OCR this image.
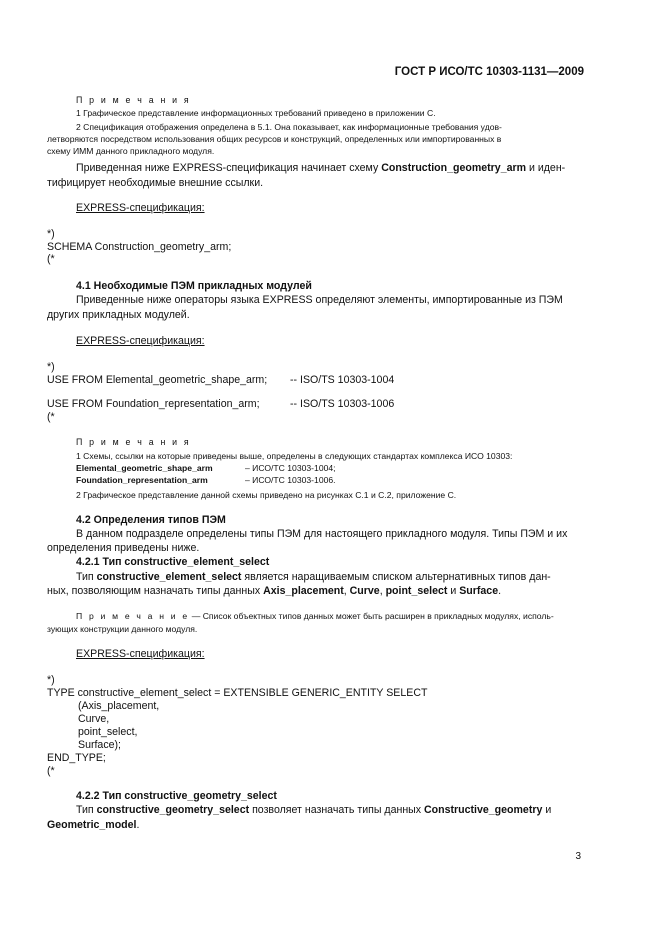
ГОСТ Р ИСО/ТС 10303-1131—2009
П р и м е ч а н и я
1 Графическое представление информационных требований приведено в приложении С.
2 Спецификация отображения определена в 5.1. Она показывает, как информационные требования удов-
летворяются посредством использования общих ресурсов и конструкций, определенных или импортированных в
схему ИММ данного прикладного модуля.
Приведенная ниже EXPRESS-спецификация начинает схему Construction_geometry_arm и иден-
тифицирует необходимые внешние ссылки.
EXPRESS-спецификация:
*)
SCHEMA Construction_geometry_arm;
(*
4.1 Необходимые ПЭМ прикладных модулей
Приведенные ниже операторы языка EXPRESS определяют элементы, импортированные из ПЭМ
других прикладных модулей.
EXPRESS-спецификация:
*)
USE FROM Elemental_geometric_shape_arm; -- ISO/TS 10303-1004
USE FROM Foundation_representation_arm;	-- ISO/TS 10303-1006
(*
П р и м е ч а н и я
1 Схемы, ссылки на которые приведены выше, определены в следующих стандартах комплекса ИСО 10303:
Elemental_geometric_shape_arm	– ИСО/ТС 10303-1004;
Foundation_representation_arm	– ИСО/ТС 10303-1006.
2 Графическое представление данной схемы приведено на рисунках С.1 и С.2, приложение С.
4.2 Определения типов ПЭМ
В данном подразделе определены типы ПЭМ для настоящего прикладного модуля. Типы ПЭМ и их
определения приведены ниже.
4.2.1 Тип constructive_element_select
Тип constructive_element_select является наращиваемым списком альтернативных типов дан-
ных, позволяющим назначать типы данных Axis_placement, Curve, point_select и Surface.
П р и м е ч а н и е — Список объектных типов данных может быть расширен в прикладных модулях, исполь-
зующих конструкции данного модуля.
EXPRESS-спецификация:
*)
TYPE constructive_element_select = EXTENSIBLE GENERIC_ENTITY SELECT
(Axis_placement,
Curve,
point_select,
Surface);
END_TYPE;
(*
4.2.2 Тип constructive_geometry_select
Тип constructive_geometry_select позволяет назначать типы данных Constructive_geometry и
Geometric_model.
3
